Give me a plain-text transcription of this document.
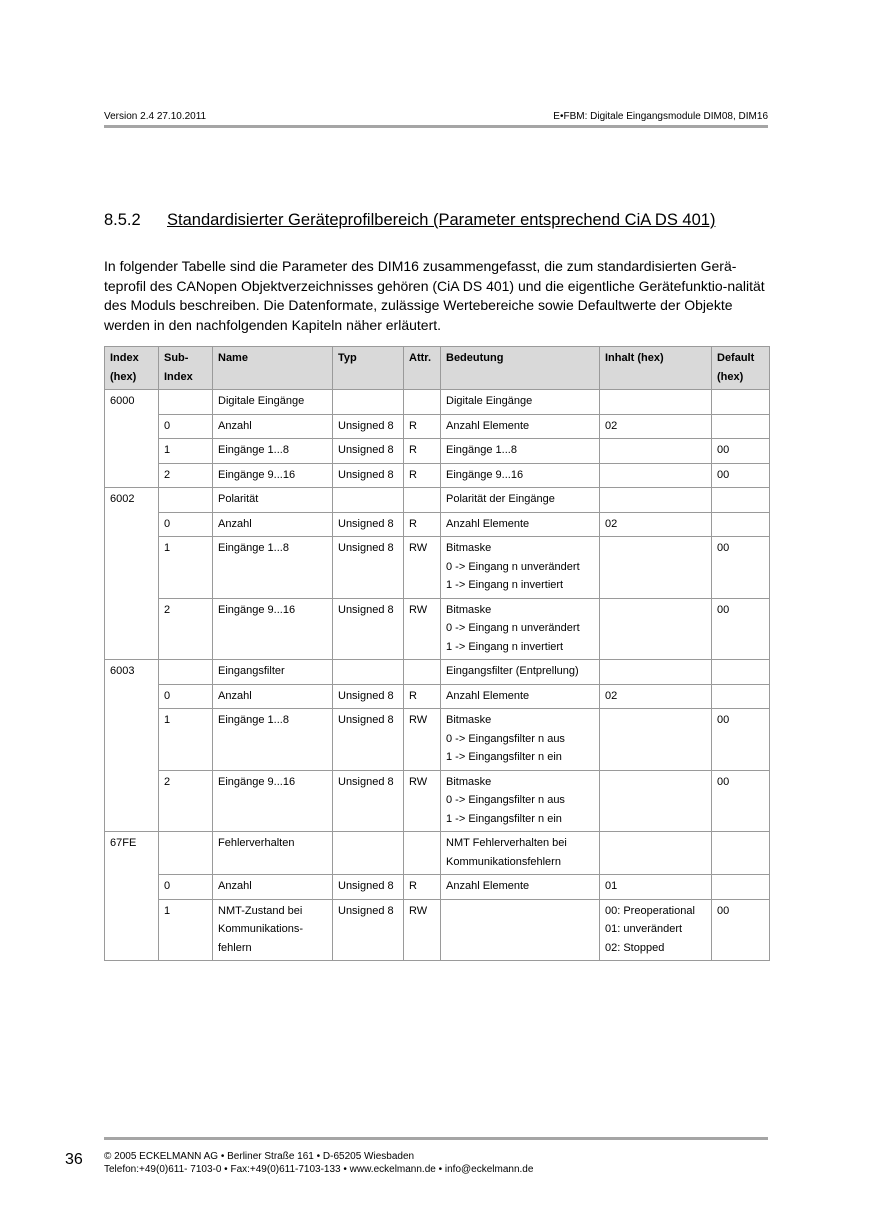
Version 2.4 27.10.2011	E•FBM: Digitale Eingangsmodule DIM08, DIM16
8.5.2 Standardisierter Geräteprofilbereich (Parameter entsprechend CiA DS 401)

In folgender Tabelle sind die Parameter des DIM16 zusammengefasst, die zum standardisierten Gerä-teprofil des CANopen Objektverzeichnisses gehören (CiA DS 401) und die eigentliche Gerätefunktio-nalität des Moduls beschreiben. Die Datenformate, zulässige Wertebereiche sowie Defaultwerte der Objekte werden in den nachfolgenden Kapiteln näher erläutert.

Index
(hex)	Sub-
Index	Name	Typ	Attr.	Bedeutung	Inhalt (hex)	Default
(hex)
6000		Digitale Eingänge			Digitale Eingänge		
	0	Anzahl	Unsigned 8	R	Anzahl Elemente	02	
	1	Eingänge 1...8	Unsigned 8	R	Eingänge 1...8		00
	2	Eingänge 9...16	Unsigned 8	R	Eingänge 9...16		00
6002		Polarität			Polarität der Eingänge		
	0	Anzahl	Unsigned 8	R	Anzahl Elemente	02	
	1	Eingänge 1...8	Unsigned 8	RW	Bitmaske
0 -> Eingang n unverändert
1 -> Eingang n invertiert		00
	2	Eingänge 9...16	Unsigned 8	RW	Bitmaske
0 -> Eingang n unverändert
1 -> Eingang n invertiert		00
6003		Eingangsfilter			Eingangsfilter (Entprellung)		
	0	Anzahl	Unsigned 8	R	Anzahl Elemente	02	
	1	Eingänge 1...8	Unsigned 8	RW	Bitmaske
0 -> Eingangsfilter n aus
1 -> Eingangsfilter n ein		00
	2	Eingänge 9...16	Unsigned 8	RW	Bitmaske
0 -> Eingangsfilter n aus
1 -> Eingangsfilter n ein		00
67FE		Fehlerverhalten			NMT Fehlerverhalten bei
Kommunikationsfehlern		
	0	Anzahl	Unsigned 8	R	Anzahl Elemente	01	
	1	NMT-Zustand bei
Kommunikations-
fehlern	Unsigned 8	RW		00: Preoperational
01: unverändert
02: Stopped	00
36 © 2005 ECKELMANN AG • Berliner Straße 161 • D-65205 Wiesbaden
Telefon:+49(0)611- 7103-0 • Fax:+49(0)611-7103-133 • www.eckelmann.de • info@eckelmann.de
